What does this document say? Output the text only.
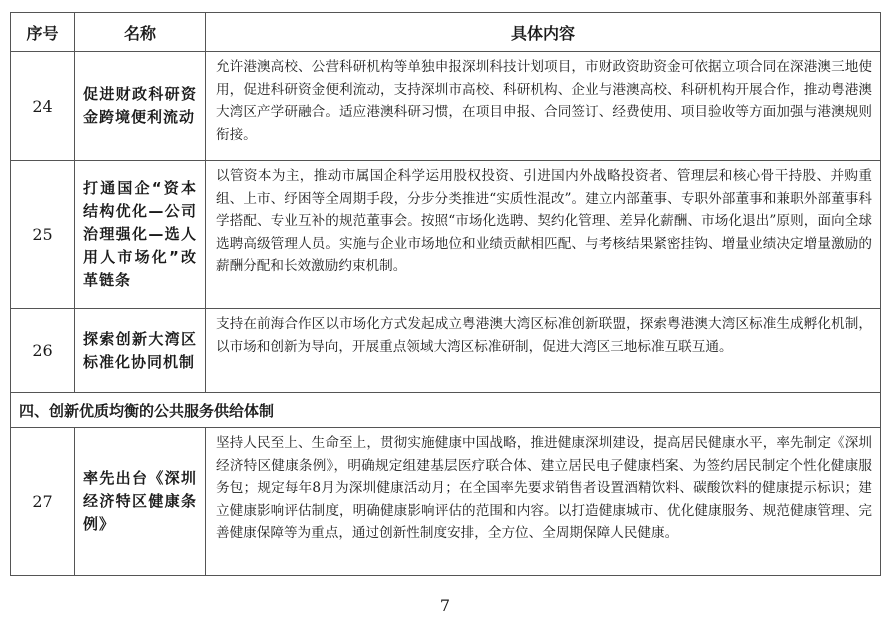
序号	名称	具体内容
24	促进财政科研资金跨境便利流动	允许港澳高校、公营科研机构等单独申报深圳科技计划项目，市财政资助资金可依据立项合同在深港澳三地使用，促进科研资金便利流动，支持深圳市高校、科研机构、企业与港澳高校、科研机构开展合作，推动粤港澳大湾区产学研融合。适应港澳科研习惯，在项目申报、合同签订、经费使用、项目验收等方面加强与港澳规则衔接。
25	打通国企“资本结构优化—公司治理强化—选人用人市场化”改革链条	以管资本为主，推动市属国企科学运用股权投资、引进国内外战略投资者、管理层和核心骨干持股、并购重组、上市、纾困等全周期手段，分步分类推进“实质性混改”。建立内部董事、专职外部董事和兼职外部董事科学搭配、专业互补的规范董事会。按照“市场化选聘、契约化管理、差异化薪酬、市场化退出”原则，面向全球选聘高级管理人员。实施与企业市场地位和业绩贡献相匹配、与考核结果紧密挂钩、增量业绩决定增量激励的薪酬分配和长效激励约束机制。
26	探索创新大湾区标准化协同机制	支持在前海合作区以市场化方式发起成立粤港澳大湾区标准创新联盟，探索粤港澳大湾区标准生成孵化机制，以市场和创新为导向，开展重点领域大湾区标准研制，促进大湾区三地标准互联互通。
四、创新优质均衡的公共服务供给体制		
27	率先出台《深圳经济特区健康条例》	坚持人民至上、生命至上，贯彻实施健康中国战略，推进健康深圳建设，提高居民健康水平，率先制定《深圳经济特区健康条例》，明确规定组建基层医疗联合体、建立居民电子健康档案、为签约居民制定个性化健康服务包；规定每年8月为深圳健康活动月；在全国率先要求销售者设置酒精饮料、碳酸饮料的健康提示标识；建立健康影响评估制度，明确健康影响评估的范围和内容。以打造健康城市、优化健康服务、规范健康管理、完善健康保障等为重点，通过创新性制度安排，全方位、全周期保障人民健康。
7
